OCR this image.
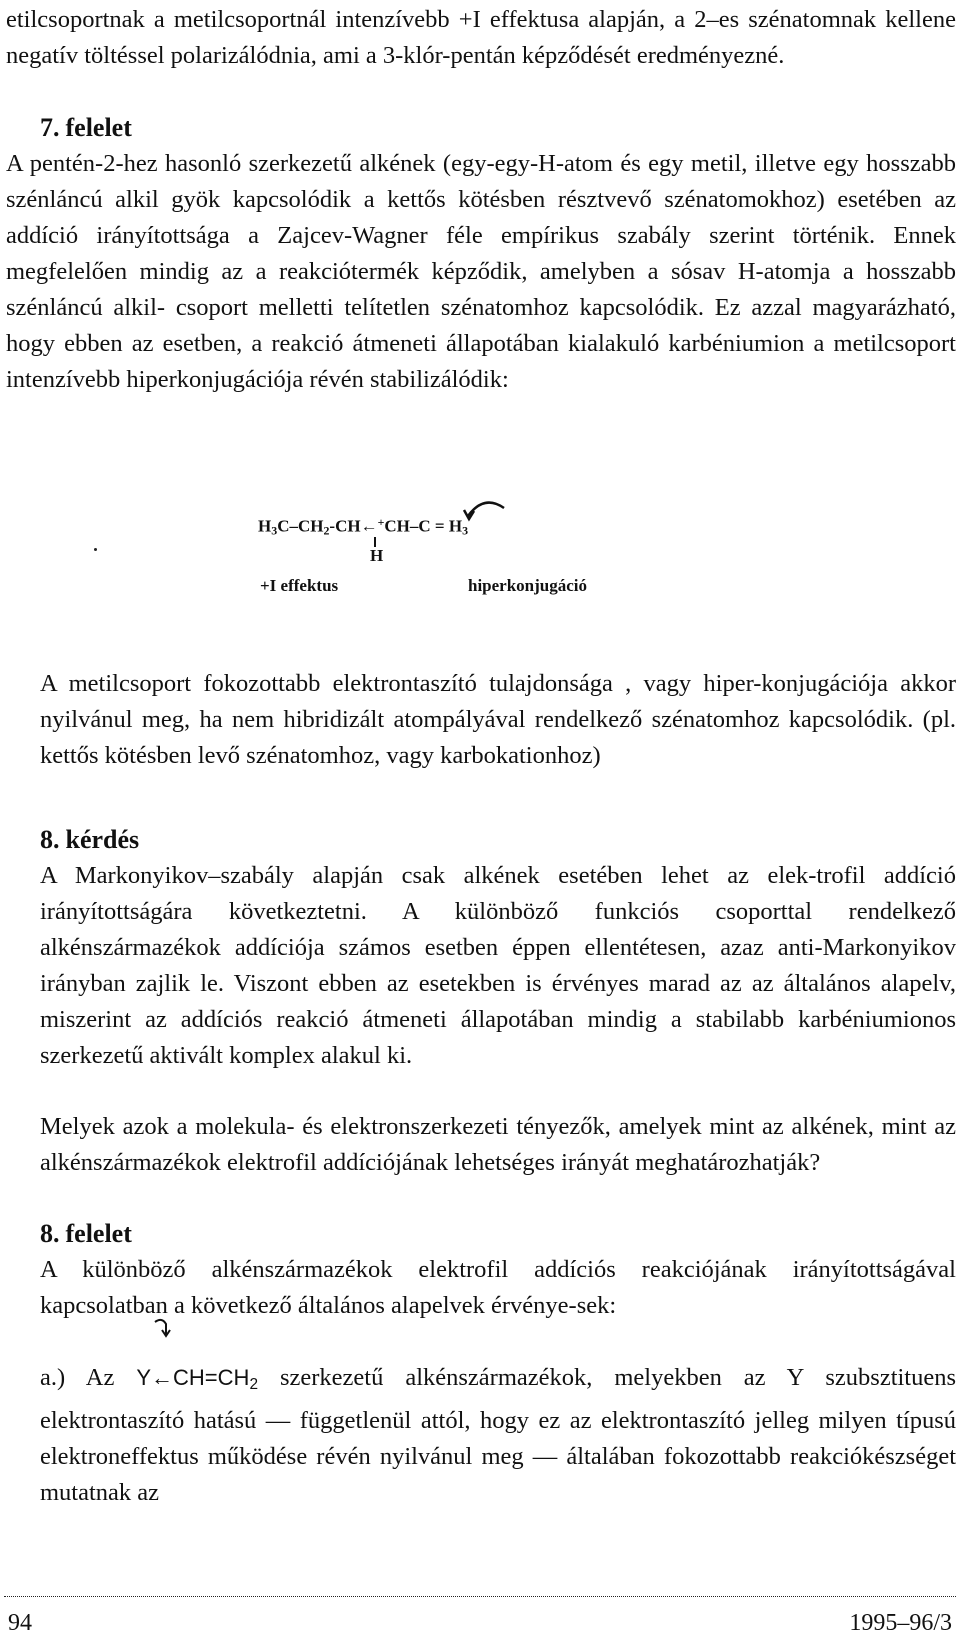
etilcsoportnak a metilcsoportnál intenzívebb +I effektusa alapján, a 2–es szénatomnak kellene negatív töltéssel polarizálódnia, ami a 3-klór-pentán képződését eredményezné.
7. felelet
A pentén-2-hez hasonló szerkezetű alkének (egy-egy-H-atom és egy metil, illetve egy hosszabb szénláncú alkil gyök kapcsolódik a kettős kötésben résztvevő szénatomokhoz) esetében az addíció irányítottsága a Zajcev-Wagner féle empírikus szabály szerint történik. Ennek megfelelően mindig az a reakciótermék képződik, amelyben a sósav H-atomja a hosszabb szénláncú alkil- csoport melletti telítetlen szénatomhoz kapcsolódik. Ez azzal magyarázható, hogy ebben az esetben, a reakció átmeneti állapotában kialakuló karbéniumion a metilcsoport intenzívebb hiperkonjugációja révén stabilizálódik:
$H_3C-CH_2-CH\leftarrow^+CH-C = H_3$
H
+I effektus	hiperkonjugáció
A metilcsoport fokozottabb elektrontaszító tulajdonsága , vagy hiper-konjugációja akkor nyilvánul meg, ha nem hibridizált atompályával rendelkező szénatomhoz kapcsolódik. (pl. kettős kötésben levő szénatomhoz, vagy karbokationhoz)
8. kérdés
A Markonyikov–szabály alapján csak alkének esetében lehet az elek-trofil addíció irányítottságára következtetni. A különböző funkciós csoporttal rendelkező alkénszármazékok addíciója számos esetben éppen ellentétesen, azaz anti-Markonyikov irányban zajlik le. Viszont ebben az esetekben is érvényes marad az az általános alapelv, miszerint az addíciós reakció átmeneti állapotában mindig a stabilabb karbéniumionos szerkezetű aktivált komplex alakul ki.
Melyek azok a molekula- és elektronszerkezeti tényezők, amelyek mint az alkének, mint az alkénszármazékok elektrofil addíciójának lehetséges irányát meghatározhatják?
8. felelet
A különböző alkénszármazékok elektrofil addíciós reakciójának irányítottságával kapcsolatban a következő általános alapelvek érvénye-sek:
a.) Az $Y\leftarrow CH=CH_2$ szerkezetű alkénszármazékok, melyekben az Y szubsztituens elektrontaszító hatású — függetlenül attól, hogy ez az elektrontaszító jelleg milyen típusú elektroneffektus működése révén nyilvánul meg — általában fokozottabb reakciókészséget mutatnak az
94	1995–96/3
